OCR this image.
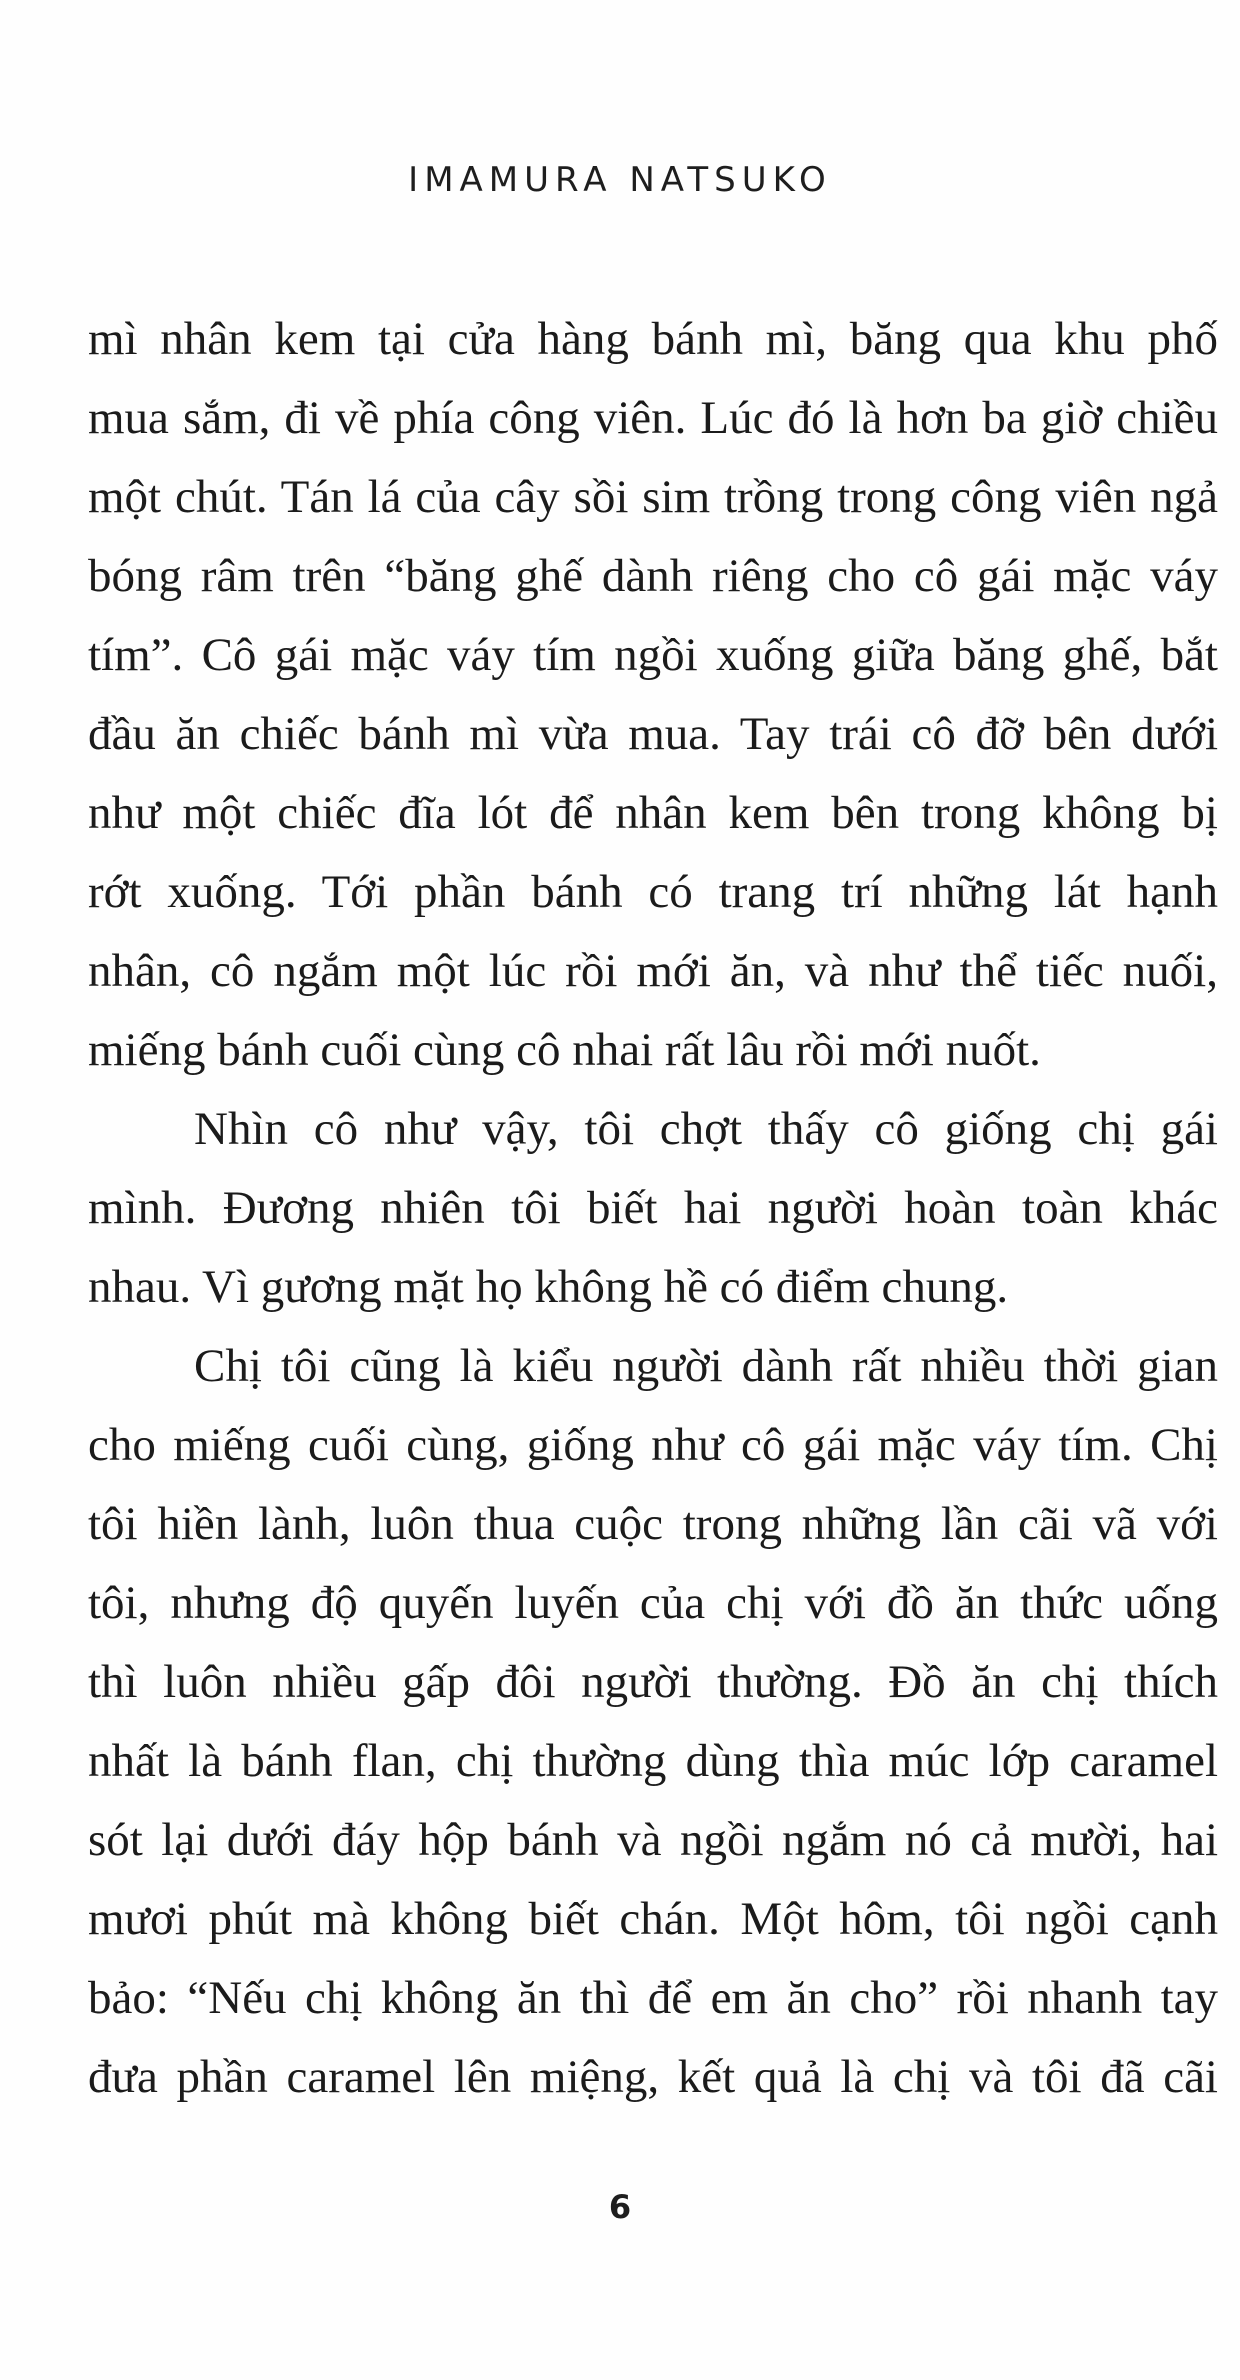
IMAMURA NATSUKO

mì nhân kem tại cửa hàng bánh mì, băng qua khu phố
mua sắm, đi về phía công viên. Lúc đó là hơn ba giờ chiều
một chút. Tán lá của cây sồi sim trồng trong công viên ngả
bóng râm trên “băng ghế dành riêng cho cô gái mặc váy
tím”. Cô gái mặc váy tím ngồi xuống giữa băng ghế, bắt
đầu ăn chiếc bánh mì vừa mua. Tay trái cô đỡ bên dưới
như một chiếc đĩa lót để nhân kem bên trong không bị
rớt xuống. Tới phần bánh có trang trí những lát hạnh
nhân, cô ngắm một lúc rồi mới ăn, và như thể tiếc nuối,
miếng bánh cuối cùng cô nhai rất lâu rồi mới nuốt.

Nhìn cô như vậy, tôi chợt thấy cô giống chị gái
mình. Đương nhiên tôi biết hai người hoàn toàn khác
nhau. Vì gương mặt họ không hề có điểm chung.

Chị tôi cũng là kiểu người dành rất nhiều thời gian
cho miếng cuối cùng, giống như cô gái mặc váy tím. Chị
tôi hiền lành, luôn thua cuộc trong những lần cãi vã với
tôi, nhưng độ quyến luyến của chị với đồ ăn thức uống
thì luôn nhiều gấp đôi người thường. Đồ ăn chị thích
nhất là bánh flan, chị thường dùng thìa múc lớp caramel
sót lại dưới đáy hộp bánh và ngồi ngắm nó cả mười, hai
mươi phút mà không biết chán. Một hôm, tôi ngồi cạnh
bảo: “Nếu chị không ăn thì để em ăn cho” rồi nhanh tay
đưa phần caramel lên miệng, kết quả là chị và tôi đã cãi

6
